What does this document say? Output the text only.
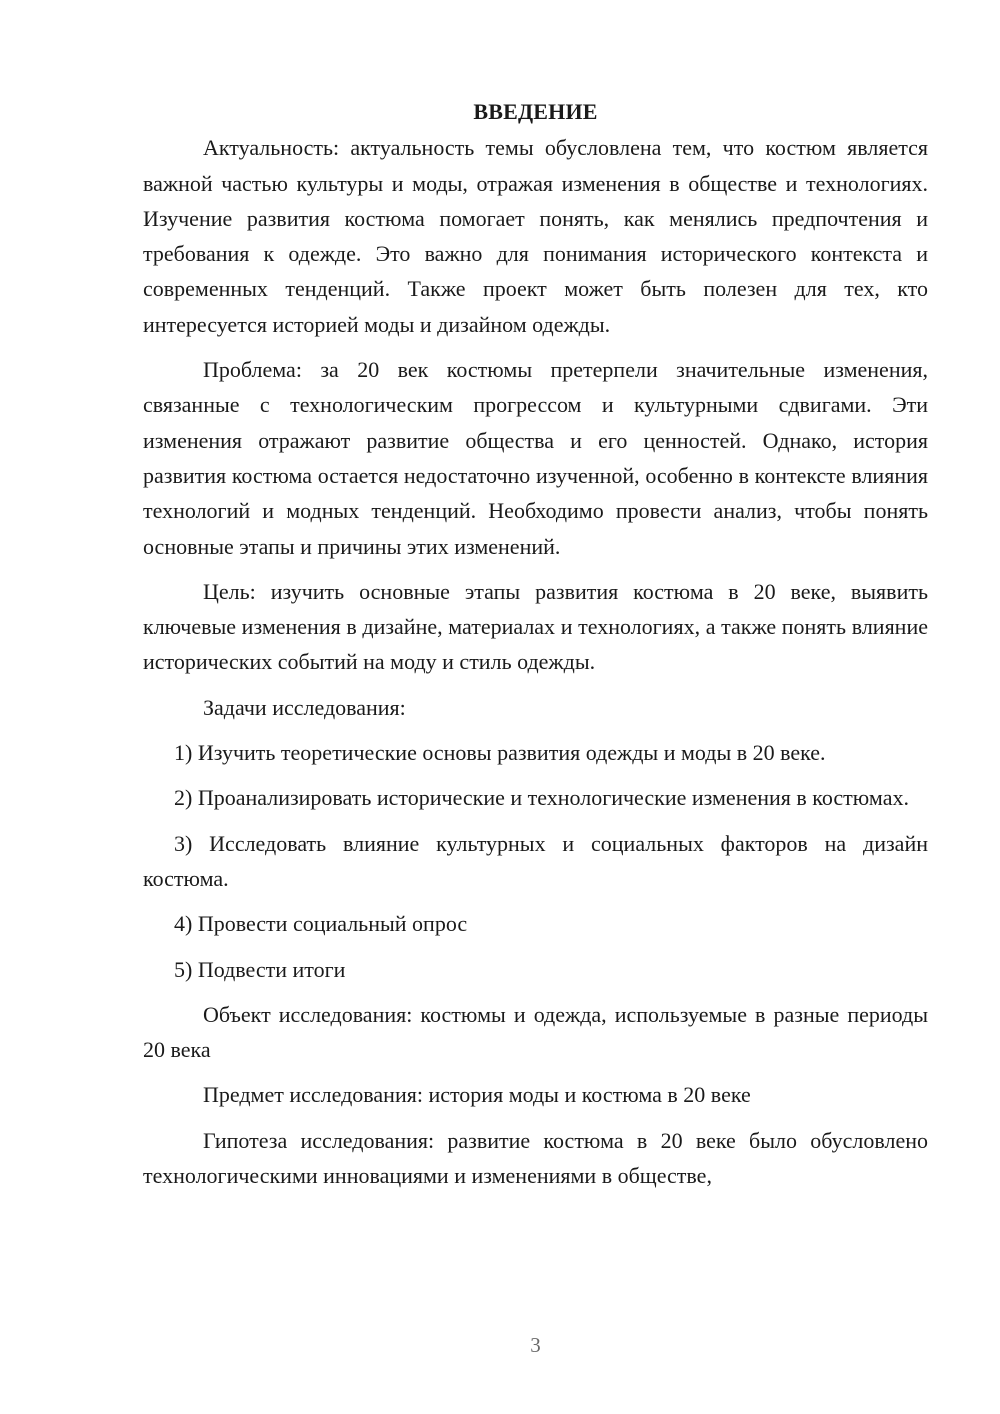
ВВЕДЕНИЕ

Актуальность: актуальность темы обусловлена тем, что костюм является важной частью культуры и моды, отражая изменения в обществе и технологиях. Изучение развития костюма помогает понять, как менялись предпочтения и требования к одежде. Это важно для понимания исторического контекста и современных тенденций. Также проект может быть полезен для тех, кто интересуется историей моды и дизайном одежды.

Проблема: за 20 век костюмы претерпели значительные изменения, связанные с технологическим прогрессом и культурными сдвигами. Эти изменения отражают развитие общества и его ценностей. Однако, история развития костюма остается недостаточно изученной, особенно в контексте влияния технологий и модных тенденций. Необходимо провести анализ, чтобы понять основные этапы и причины этих изменений.

Цель: изучить основные этапы развития костюма в 20 веке, выявить ключевые изменения в дизайне, материалах и технологиях, а также понять влияние исторических событий на моду и стиль одежды.

Задачи исследования:

1) Изучить теоретические основы развития одежды и моды в 20 веке.

2) Проанализировать исторические и технологические изменения в костюмах.

3) Исследовать влияние культурных и социальных факторов на дизайн костюма.

4) Провести социальный опрос

5) Подвести итоги

Объект исследования: костюмы и одежда, используемые в разные периоды 20 века

Предмет исследования: история моды и костюма в 20 веке

Гипотеза исследования: развитие костюма в 20 веке было обусловлено технологическими инновациями и изменениями в обществе,

3
